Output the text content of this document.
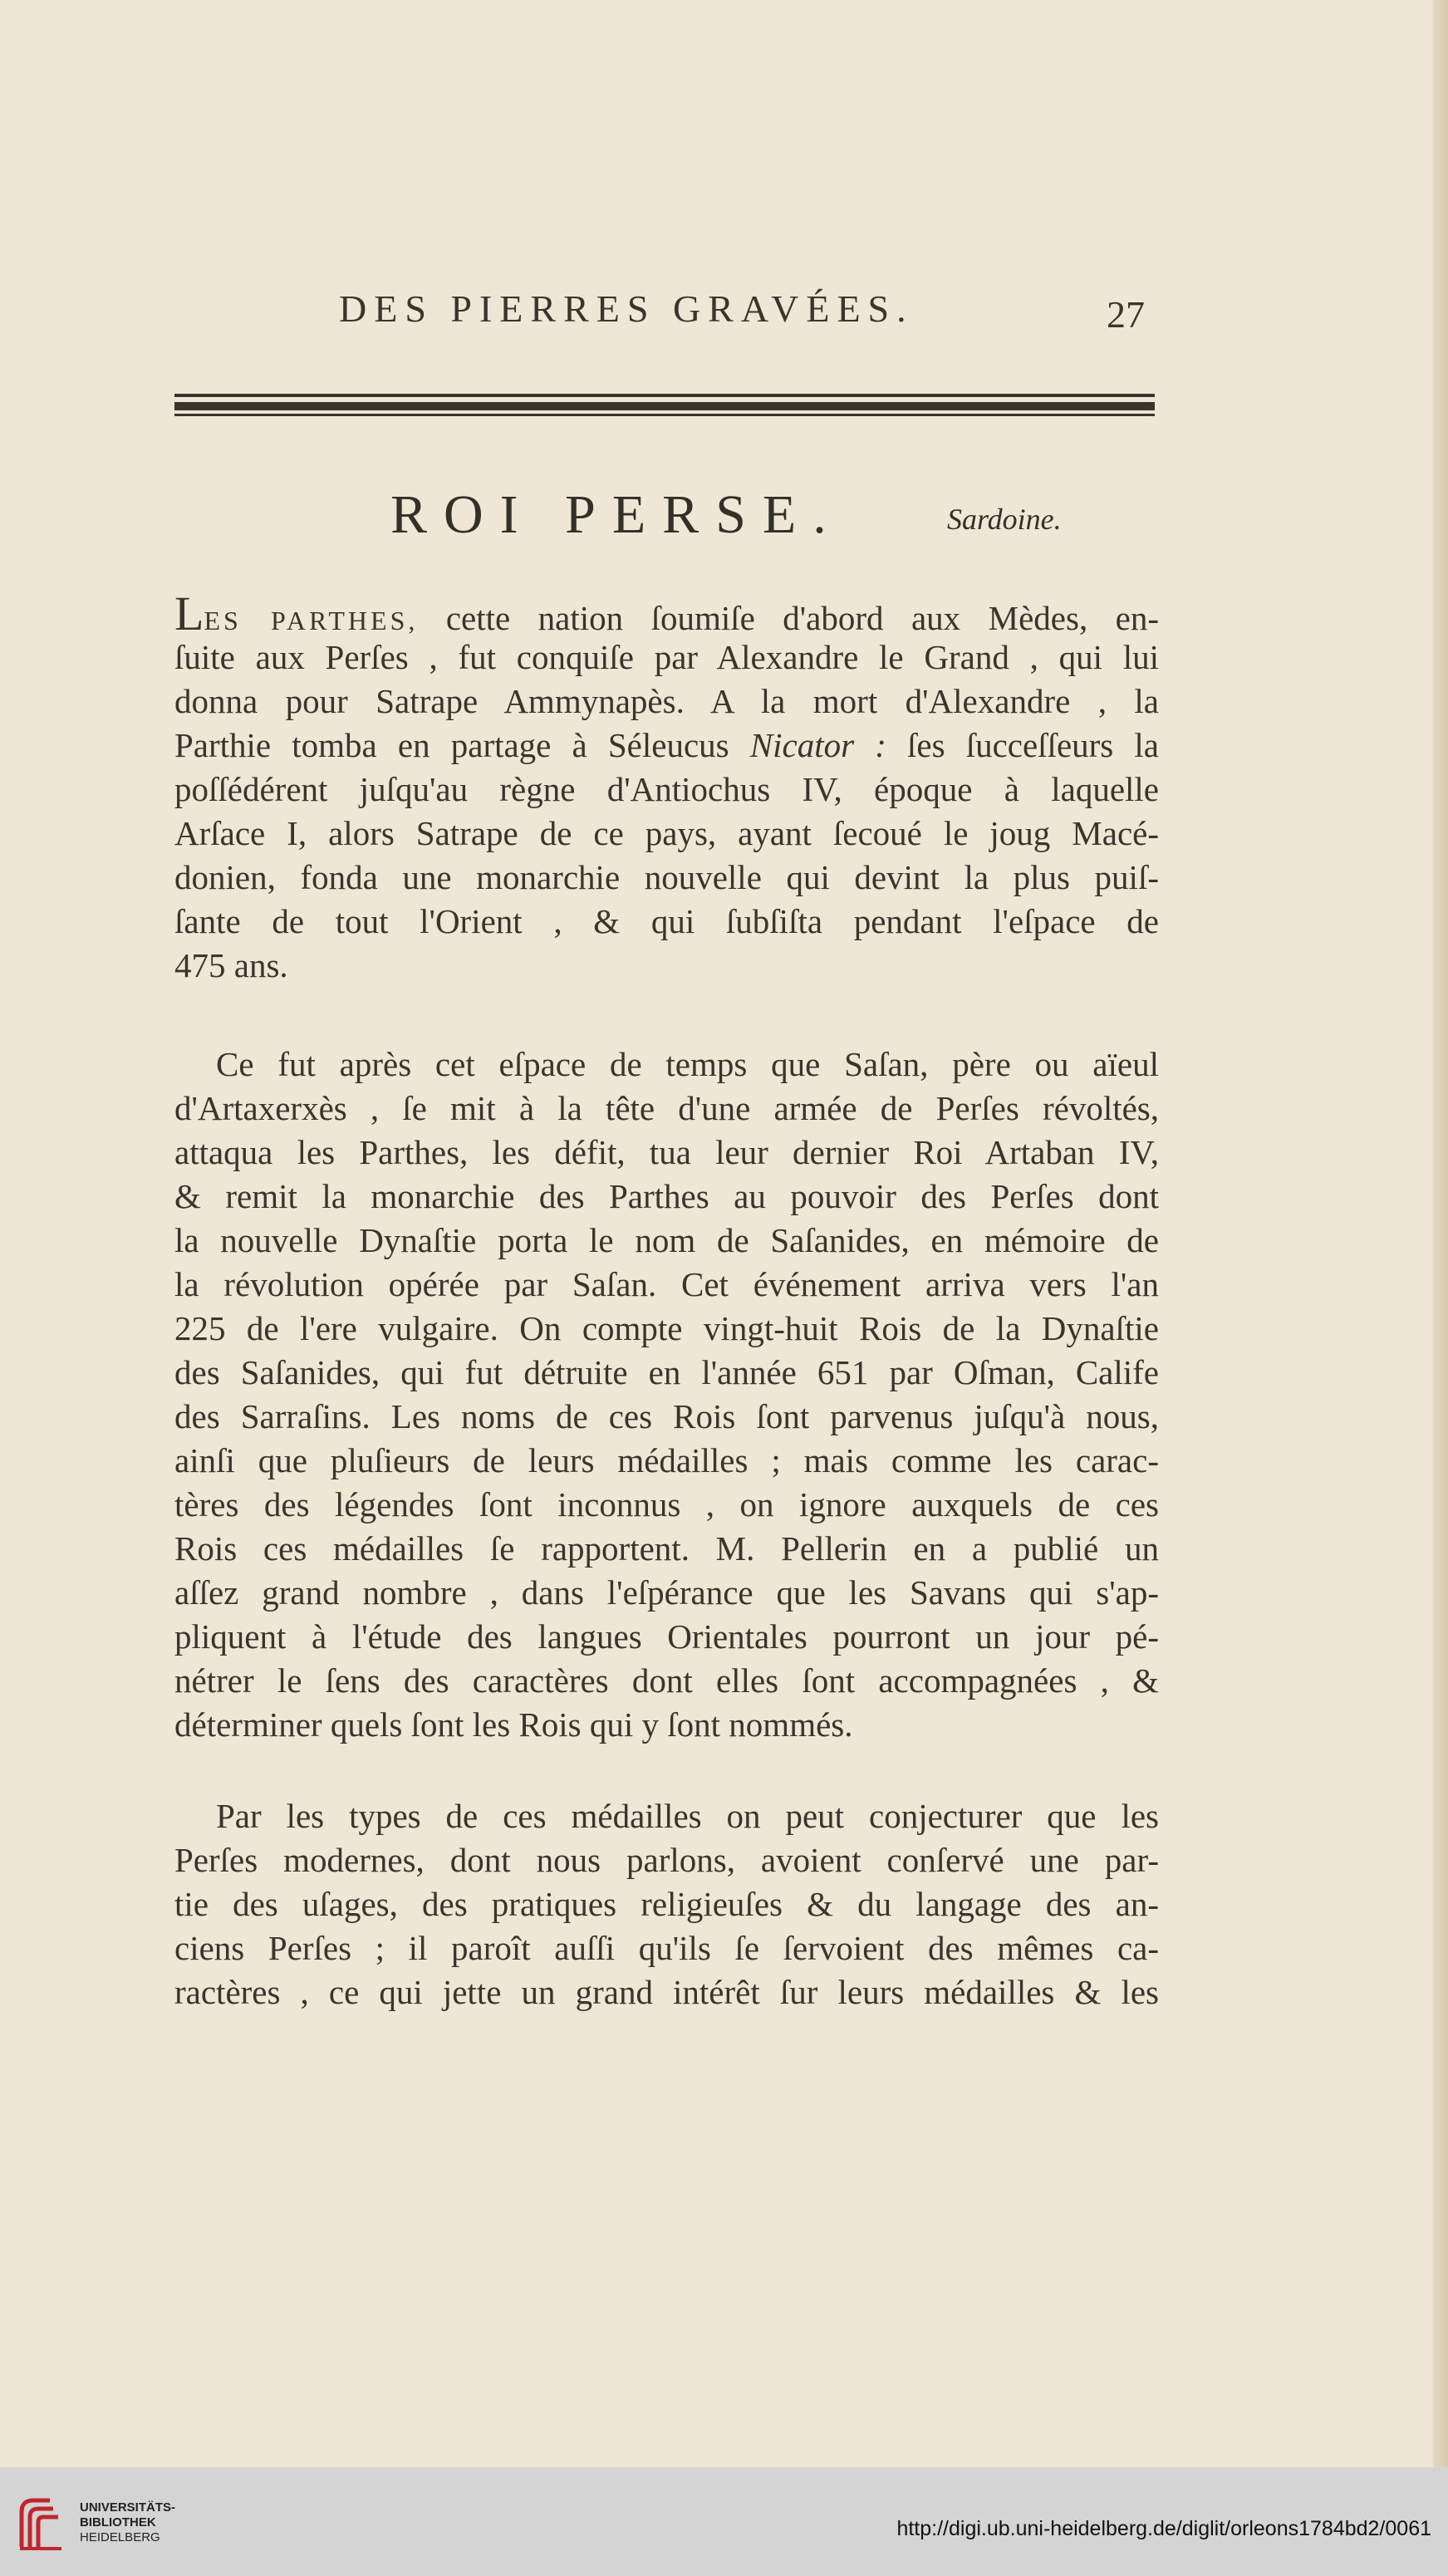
DES PIERRES GRAVÉES.	27
ROI PERSE.	Sardoine.
LES PARTHES, cette nation ſoumiſe d'abord aux Mèdes, en-
ſuite aux Perſes , fut conquiſe par Alexandre le Grand , qui lui
donna pour Satrape Ammynapès. A la mort d'Alexandre , la
Parthie tomba en partage à Séleucus Nicator : ſes ſucceſſeurs la
poſſédérent juſqu'au règne d'Antiochus IV, époque à laquelle
Arſace I, alors Satrape de ce pays, ayant ſecoué le joug Macé-
donien, fonda une monarchie nouvelle qui devint la plus puiſ-
ſante de tout l'Orient , & qui ſubſiſta pendant l'eſpace de
475 ans.
Ce fut après cet eſpace de temps que Saſan, père ou aïeul
d'Artaxerxès , ſe mit à la tête d'une armée de Perſes révoltés,
attaqua les Parthes, les défit, tua leur dernier Roi Artaban IV,
& remit la monarchie des Parthes au pouvoir des Perſes dont
la nouvelle Dynaſtie porta le nom de Saſanides, en mémoire de
la révolution opérée par Saſan. Cet événement arriva vers l'an
225 de l'ere vulgaire. On compte vingt-huit Rois de la Dynaſtie
des Saſanides, qui fut détruite en l'année 651 par Oſman, Calife
des Sarraſins. Les noms de ces Rois ſont parvenus juſqu'à nous,
ainſi que pluſieurs de leurs médailles ; mais comme les carac-
tères des légendes ſont inconnus , on ignore auxquels de ces
Rois ces médailles ſe rapportent. M. Pellerin en a publié un
aſſez grand nombre , dans l'eſpérance que les Savans qui s'ap-
pliquent à l'étude des langues Orientales pourront un jour pé-
nétrer le ſens des caractères dont elles ſont accompagnées , &
déterminer quels ſont les Rois qui y ſont nommés.
Par les types de ces médailles on peut conjecturer que les
Perſes modernes, dont nous parlons, avoient conſervé une par-
tie des uſages, des pratiques religieuſes & du langage des an-
ciens Perſes ; il paroît auſſi qu'ils ſe ſervoient des mêmes ca-
ractères , ce qui jette un grand intérêt ſur leurs médailles & les
UNIVERSITÄTS-
BIBLIOTHEK
HEIDELBERG	http://digi.ub.uni-heidelberg.de/diglit/orleons1784bd2/0061
